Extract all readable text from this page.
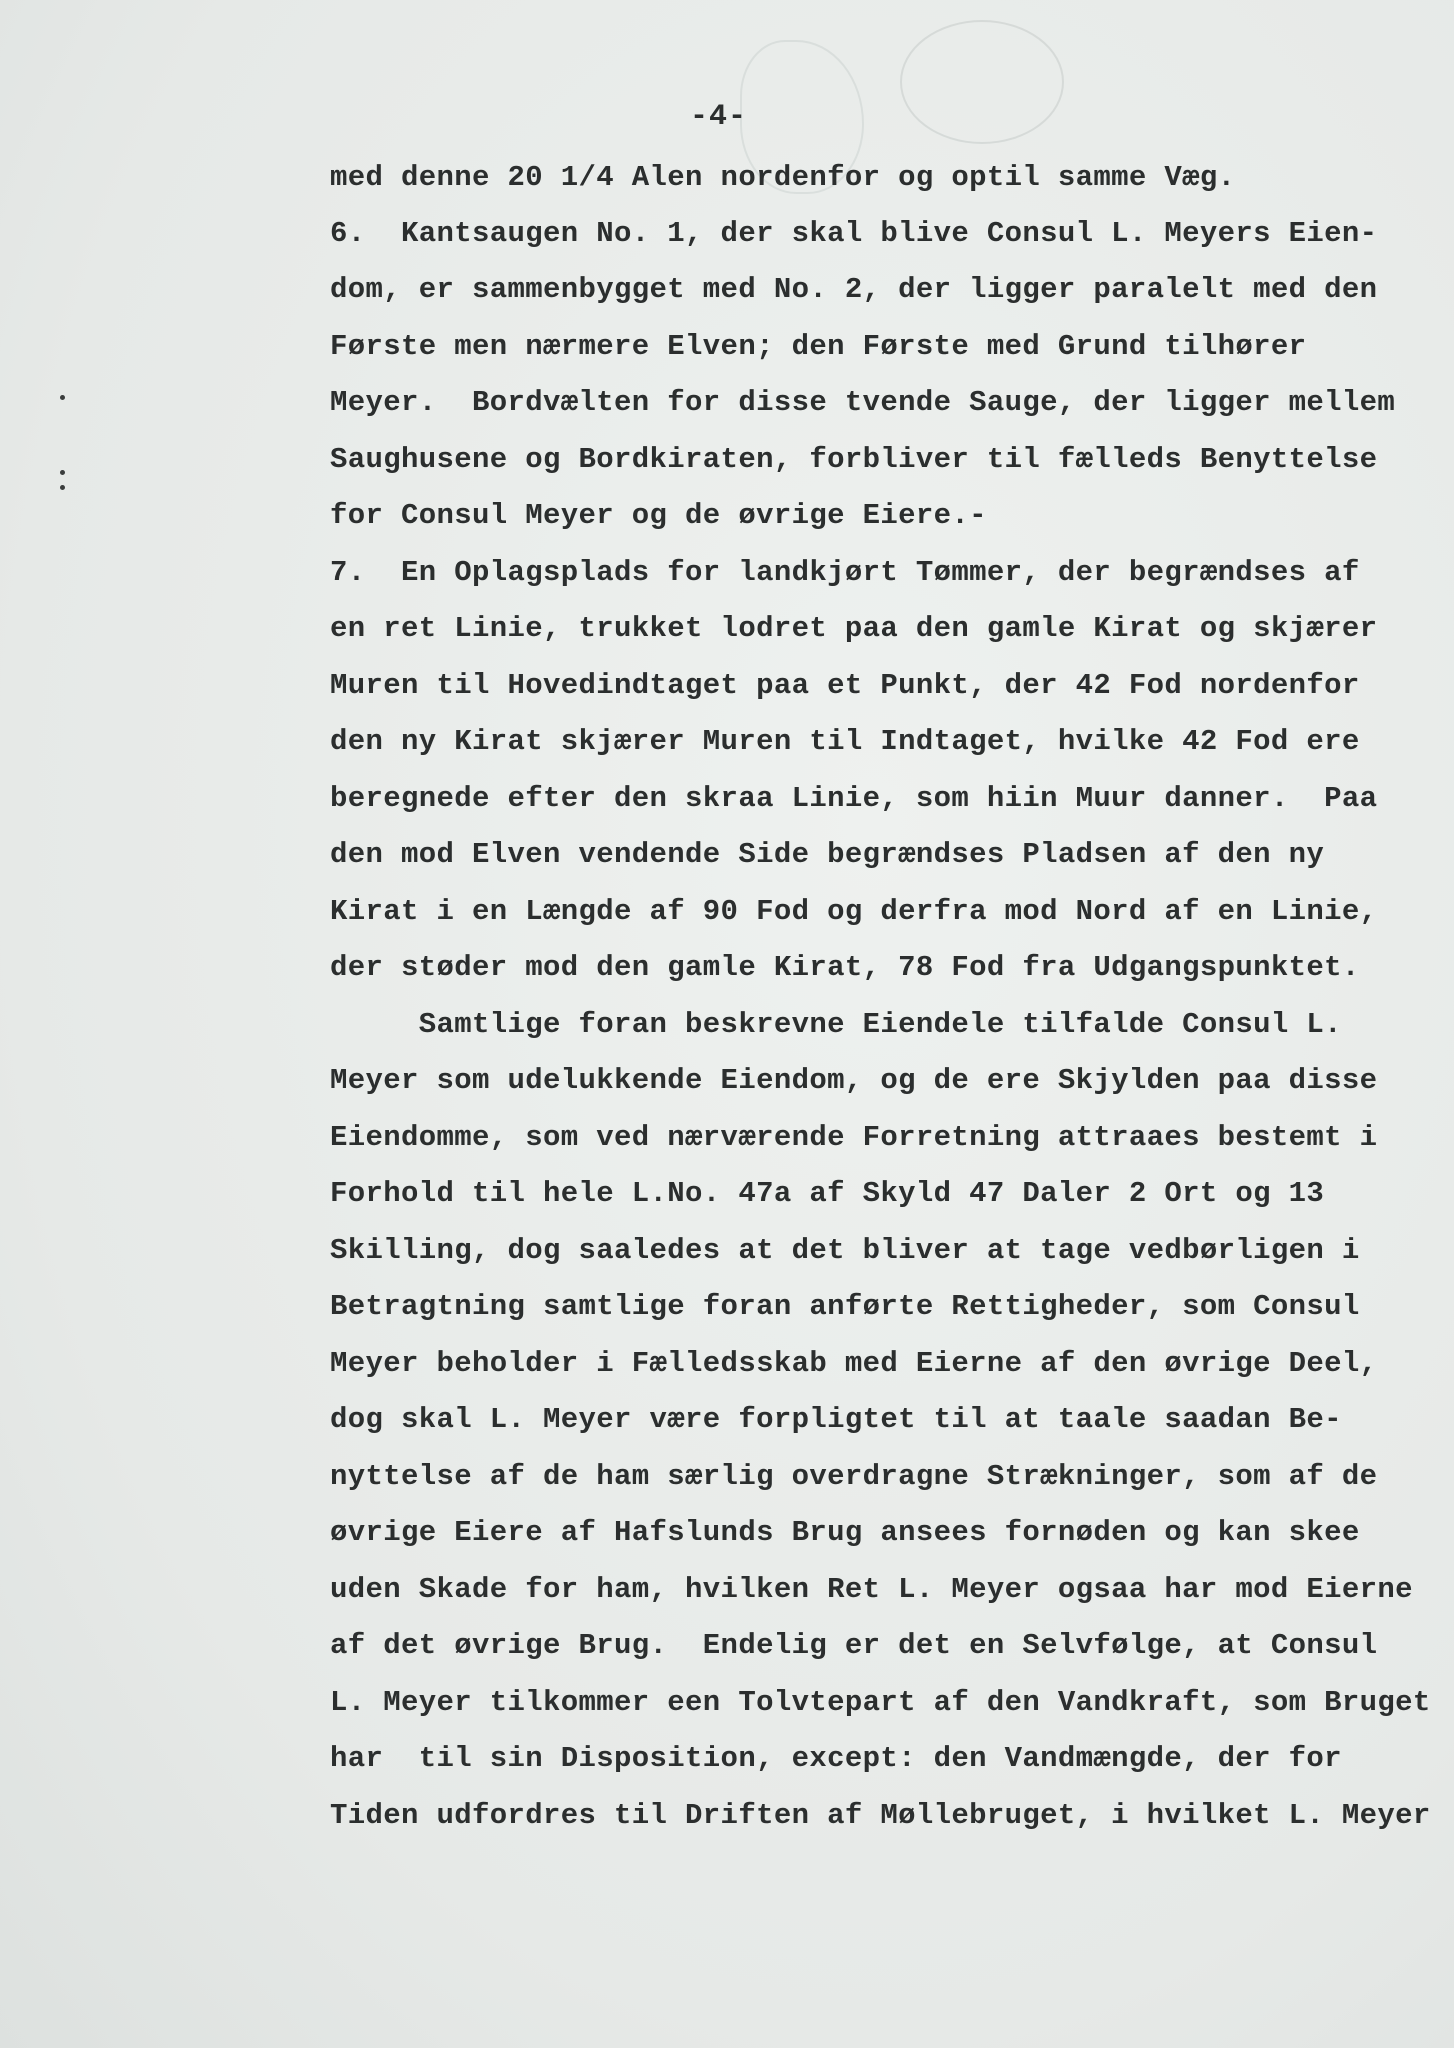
-4-
med denne 20 1/4 Alen nordenfor og optil samme Væg.
6.  Kantsaugen No. 1, der skal blive Consul L. Meyers Eien-
dom, er sammenbygget med No. 2, der ligger paralelt med den
Første men nærmere Elven; den Første med Grund tilhører
Meyer.  Bordvælten for disse tvende Sauge, der ligger mellem
Saughusene og Bordkiraten, forbliver til fælleds Benyttelse
for Consul Meyer og de øvrige Eiere.-
7.  En Oplagsplads for landkjørt Tømmer, der begrændses af
en ret Linie, trukket lodret paa den gamle Kirat og skjærer
Muren til Hovedindtaget paa et Punkt, der 42 Fod nordenfor
den ny Kirat skjærer Muren til Indtaget, hvilke 42 Fod ere
beregnede efter den skraa Linie, som hiin Muur danner.  Paa
den mod Elven vendende Side begrændses Pladsen af den ny
Kirat i en Længde af 90 Fod og derfra mod Nord af en Linie,
der støder mod den gamle Kirat, 78 Fod fra Udgangspunktet.
Samtlige foran beskrevne Eiendele tilfalde Consul L.
Meyer som udelukkende Eiendom, og de ere Skjylden paa disse
Eiendomme, som ved nærværende Forretning attraaes bestemt i
Forhold til hele L.No. 47a af Skyld 47 Daler 2 Ort og 13
Skilling, dog saaledes at det bliver at tage vedbørligen i
Betragtning samtlige foran anførte Rettigheder, som Consul
Meyer beholder i Fælledsskab med Eierne af den øvrige Deel,
dog skal L. Meyer være forpligtet til at taale saadan Be-
nyttelse af de ham særlig overdragne Strækninger, som af de
øvrige Eiere af Hafslunds Brug ansees fornøden og kan skee
uden Skade for ham, hvilken Ret L. Meyer ogsaa har mod Eierne
af det øvrige Brug.  Endelig er det en Selvfølge, at Consul
L. Meyer tilkommer een Tolvtepart af den Vandkraft, som Bruget
har  til sin Disposition, except: den Vandmængde, der for
Tiden udfordres til Driften af Møllebruget, i hvilket L. Meyer
